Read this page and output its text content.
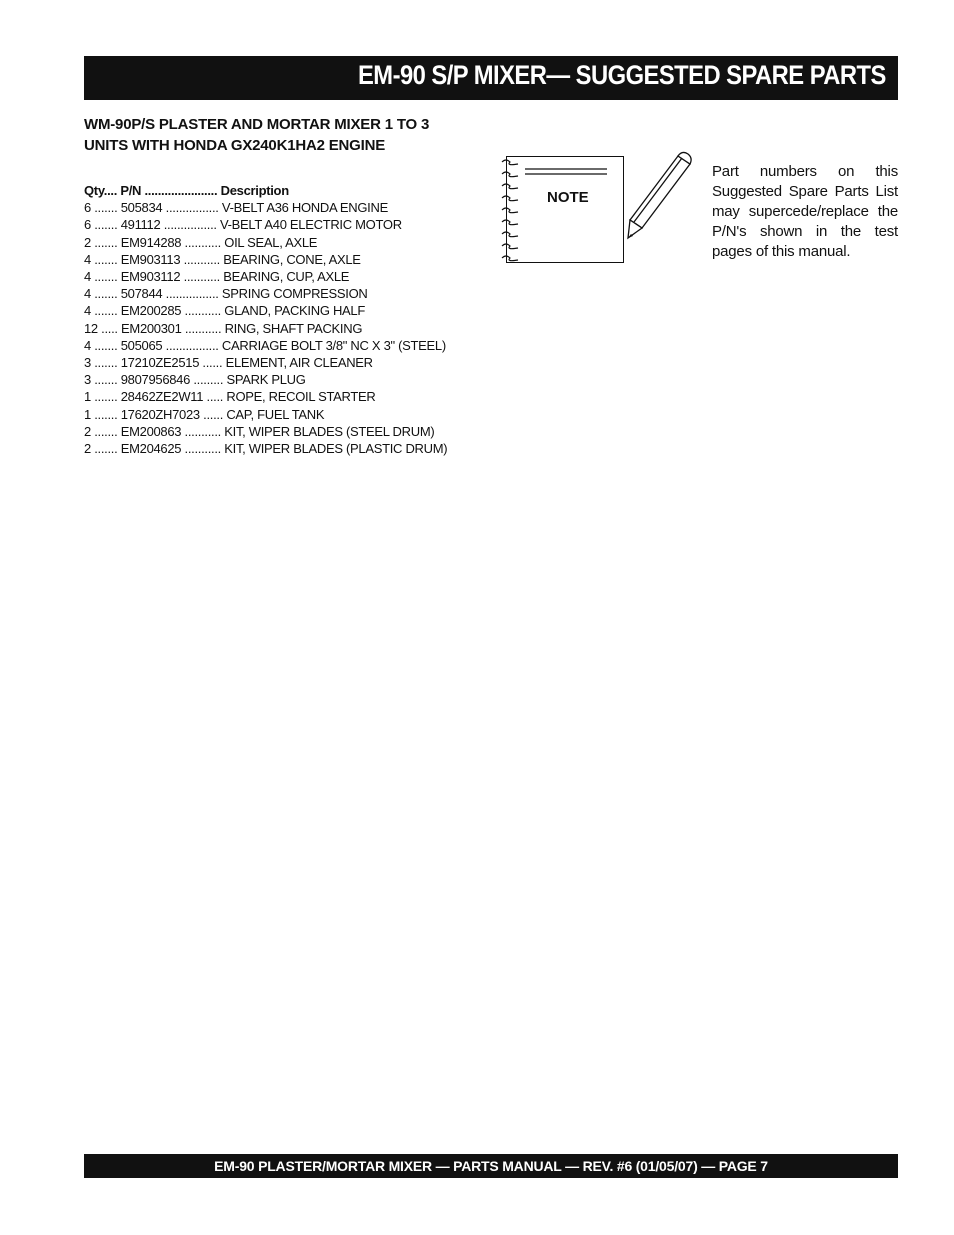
EM-90 S/P MIXER— SUGGESTED SPARE PARTS
WM-90P/S PLASTER AND MORTAR MIXER 1 TO 3
UNITS WITH HONDA GX240K1HA2 ENGINE
Qty.... P/N ...................... Description
6 ....... 505834 ................ V-BELT A36 HONDA ENGINE
6 ....... 491112 ................ V-BELT A40 ELECTRIC MOTOR
2 ....... EM914288 ........... OIL SEAL, AXLE
4 ....... EM903113 ........... BEARING, CONE, AXLE
4 ....... EM903112 ........... BEARING, CUP, AXLE
4 ....... 507844 ................ SPRING COMPRESSION
4 ....... EM200285 ........... GLAND, PACKING HALF
12 ..... EM200301 ........... RING, SHAFT PACKING
4 ....... 505065 ................ CARRIAGE BOLT 3/8" NC X 3" (STEEL)
3 ....... 17210ZE2515 ...... ELEMENT, AIR CLEANER
3 ....... 9807956846 ......... SPARK PLUG
1 ....... 28462ZE2W11 ..... ROPE, RECOIL STARTER
1 ....... 17620ZH7023 ...... CAP, FUEL TANK
2 ....... EM200863 ........... KIT, WIPER BLADES (STEEL DRUM)
2 ....... EM204625 ........... KIT, WIPER BLADES (PLASTIC DRUM)
NOTE
Part numbers on this Suggested Spare Parts List may supercede/replace the P/N's shown in the test pages of this manual.
EM-90 PLASTER/MORTAR MIXER — PARTS MANUAL — REV. #6 (01/05/07) — PAGE 7
